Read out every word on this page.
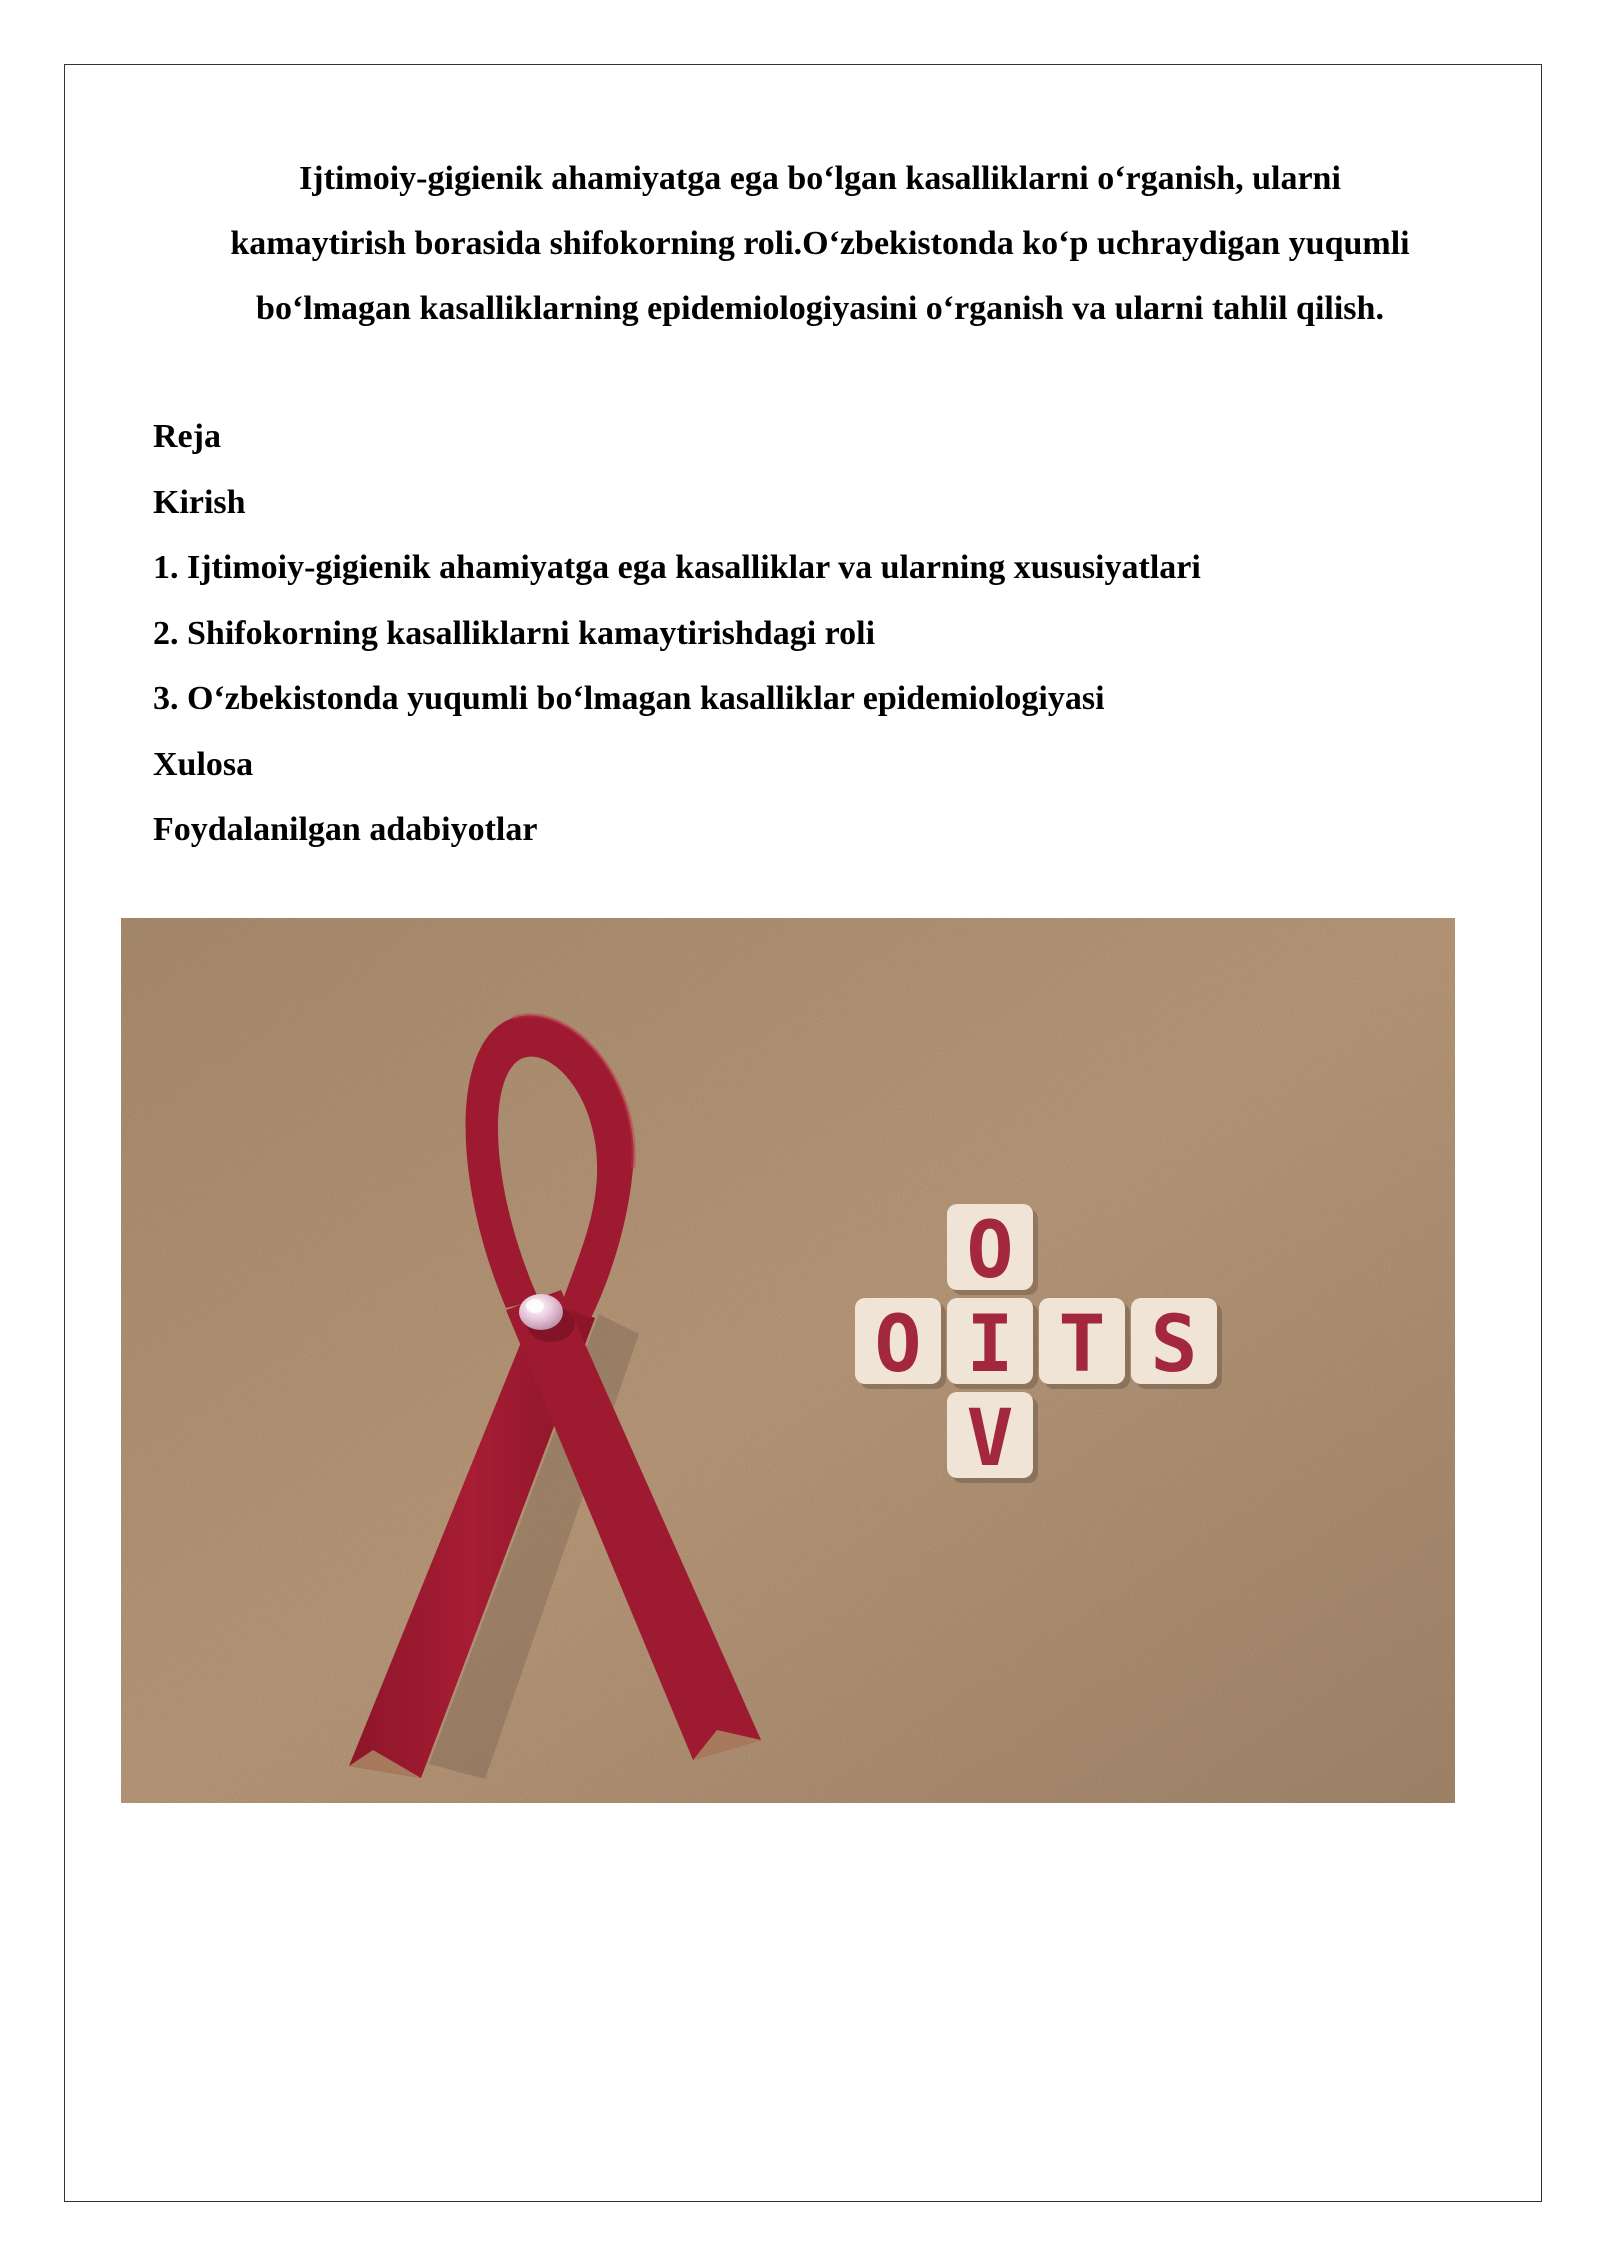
Ijtimoiy-gigienik ahamiyatga ega bo‘lgan kasalliklarni o‘rganish, ularni
kamaytirish borasida shifokorning roli.O‘zbekistonda ko‘p uchraydigan yuqumli
bo‘lmagan kasalliklarning epidemiologiyasini o‘rganish va ularni tahlil qilish.
Reja
Kirish
1. Ijtimoiy-gigienik ahamiyatga ega kasalliklar va ularning xususiyatlari
2. Shifokorning kasalliklarni kamaytirishdagi roli
3. O‘zbekistonda yuqumli bo‘lmagan kasalliklar epidemiologiyasi
Xulosa
Foydalanilgan adabiyotlar
O
O I T S
V
